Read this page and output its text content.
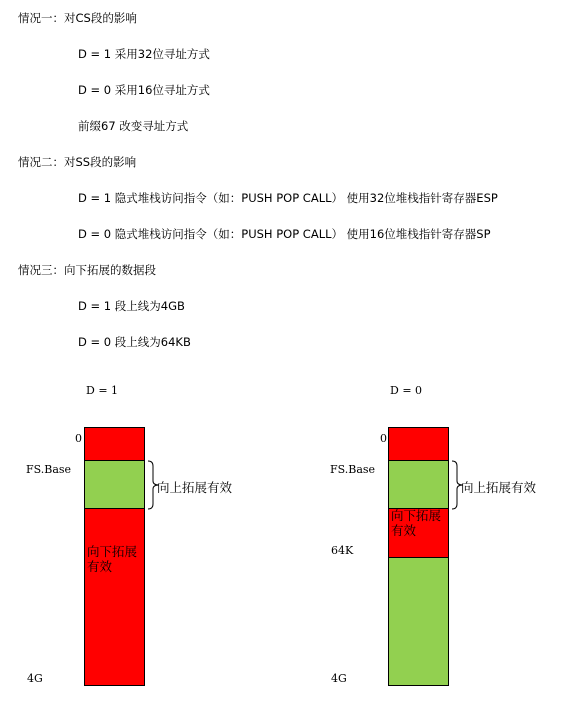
情况一：对CS段的影响
D = 1 采用32位寻址方式
D = 0 采用16位寻址方式
前缀67 改变寻址方式
情况二：对SS段的影响
D = 1 隐式堆栈访问指令（如：PUSH POP CALL） 使用32位堆栈指针寄存器ESP
D = 0 隐式堆栈访问指令（如：PUSH POP CALL） 使用16位堆栈指针寄存器SP
情况三：向下拓展的数据段
D = 1 段上线为4GB
D = 0 段上线为64KB
D = 1
0
FS.Base
4G
向下拓展有效
向上拓展有效
D = 0
0
FS.Base
64K
4G
向下拓展有效
向上拓展有效
